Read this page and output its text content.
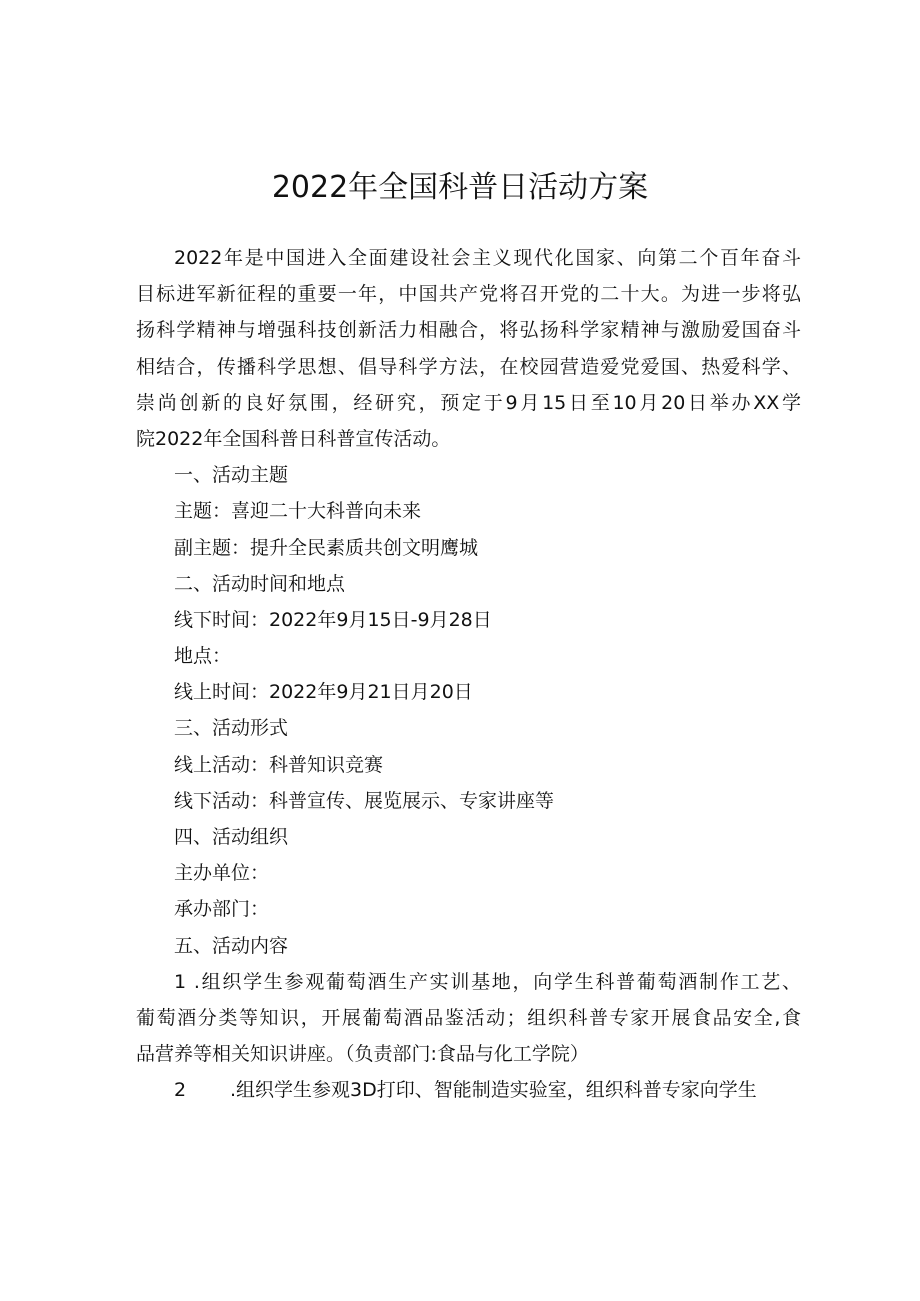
2022年全国科普日活动方案
2022年是中国进入全面建设社会主义现代化国家、向第二个百年奋斗
目标进军新征程的重要一年，中国共产党将召开党的二十大。为进一步将弘
扬科学精神与增强科技创新活力相融合，将弘扬科学家精神与激励爱国奋斗
相结合，传播科学思想、倡导科学方法，在校园营造爱党爱国、热爱科学、
崇尚创新的良好氛围，经研究，预定于9月15日至10月20日举办XX学
院2022年全国科普日科普宣传活动。
一、活动主题
主题：喜迎二十大科普向未来
副主题：提升全民素质共创文明鹰城
二、活动时间和地点
线下时间：2022年9月15日-9月28日
地点：
线上时间：2022年9月21日月20日
三、活动形式
线上活动：科普知识竞赛
线下活动：科普宣传、展览展示、专家讲座等
四、活动组织
主办单位：
承办部门：
五、活动内容
1 .组织学生参观葡萄酒生产实训基地，向学生科普葡萄酒制作工艺、
葡萄酒分类等知识，开展葡萄酒品鉴活动；组织科普专家开展食品安全,食
品营养等相关知识讲座。（负责部门:食品与化工学院）
2 .组织学生参观3D打印、智能制造实验室，组织科普专家向学生
